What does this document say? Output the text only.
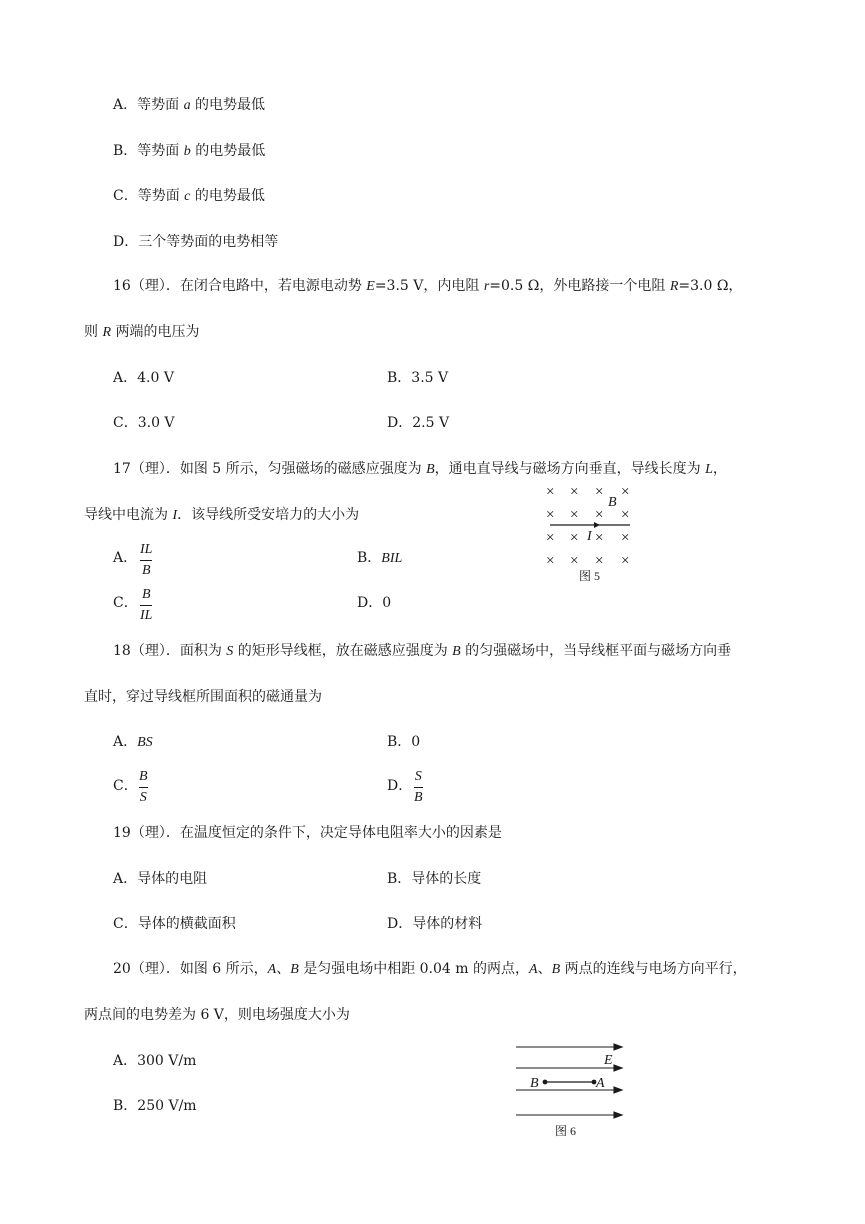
A．等势面 a 的电势最低
B．等势面 b 的电势最低
C．等势面 c 的电势最低
D．三个等势面的电势相等
16（理）．在闭合电路中，若电源电动势 E=3.5 V，内电阻 r=0.5 Ω，外电路接一个电阻 R=3.0 Ω，
则 R 两端的电压为
A．4.0 V	B．3.5 V
C．3.0 V	D．2.5 V
17（理）．如图 5 所示，匀强磁场的磁感应强度为 B，通电直导线与磁场方向垂直，导线长度为 L，
导线中电流为 I．该导线所受安培力的大小为
A．
IL
B
B．BIL
C．
B
IL
D．0
× × × ×
× × × ×
× × × ×
× × × ×
B
I
图 5
18（理）．面积为 S 的矩形导线框，放在磁感应强度为 B 的匀强磁场中，当导线框平面与磁场方向垂
直时，穿过导线框所围面积的磁通量为
A．BS	B．0
C．
B
S
D．
S
B
19（理）．在温度恒定的条件下，决定导体电阻率大小的因素是
A．导体的电阻	B．导体的长度
C．导体的横截面积	D．导体的材料
20（理）．如图 6 所示，A、B 是匀强电场中相距 0.04 m 的两点，A、B 两点的连线与电场方向平行，
两点间的电势差为 6 V，则电场强度大小为
A．300 V/m
B．250 V/m
E
B	A
图 6
